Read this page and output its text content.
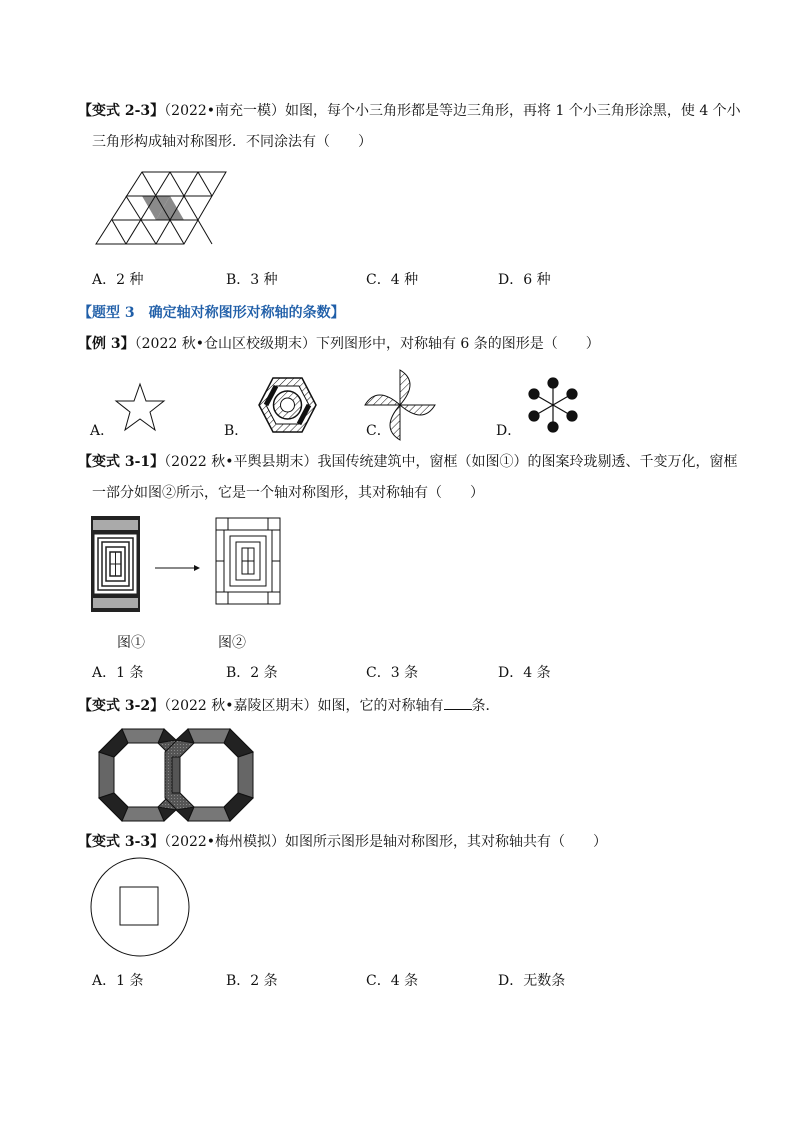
【变式 2-3】（2022•南充一模）如图，每个小三角形都是等边三角形，再将 1 个小三角形涂黑，使 4 个小
三角形构成轴对称图形．不同涂法有（　　）
A．2 种	B．3 种	C．4 种	D．6 种
【题型 3　确定轴对称图形对称轴的条数】
【例 3】（2022 秋•仓山区校级期末）下列图形中，对称轴有 6 条的图形是（　　）
A．	B．	C．	D．
【变式 3-1】（2022 秋•平舆县期末）我国传统建筑中，窗框（如图①）的图案玲珑剔透、千变万化，窗框
一部分如图②所示，它是一个轴对称图形，其对称轴有（　　）
图①	图②
A．1 条	B．2 条	C．3 条	D．4 条
【变式 3-2】（2022 秋•嘉陵区期末）如图，它的对称轴有 条．
【变式 3-3】（2022•梅州模拟）如图所示图形是轴对称图形，其对称轴共有（　　）
A．1 条	B．2 条	C．4 条	D．无数条
